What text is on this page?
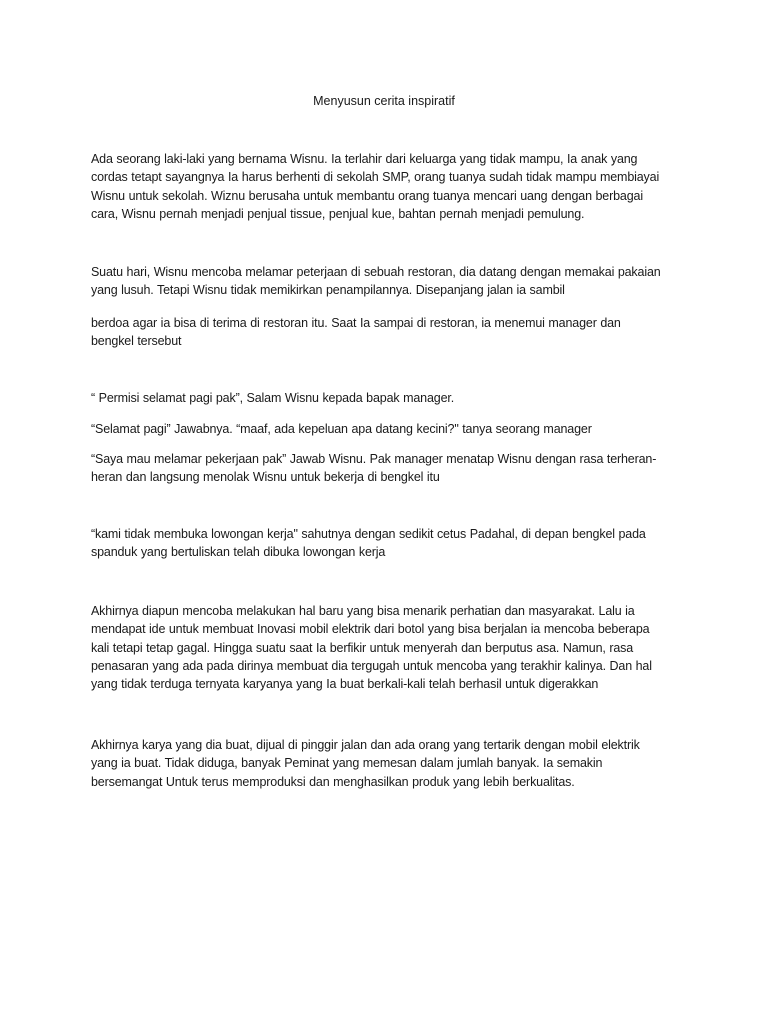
Menyusun cerita inspiratif
Ada seorang laki-laki yang bernama Wisnu. Ia terlahir dari keluarga yang tidak mampu, Ia anak yang
cordas tetapt sayangnya Ia harus berhenti di sekolah SMP, orang tuanya sudah tidak mampu membiayai
Wisnu untuk sekolah. Wiznu berusaha untuk membantu orang tuanya mencari uang dengan berbagai
cara, Wisnu pernah menjadi penjual tissue, penjual kue, bahtan pernah menjadi pemulung.
Suatu hari, Wisnu mencoba melamar peterjaan di sebuah restoran, dia datang dengan memakai pakaian
yang lusuh. Tetapi Wisnu tidak memikirkan penampilannya. Disepanjang jalan ia sambil
berdoa agar ia bisa di terima di restoran itu. Saat Ia sampai di restoran, ia menemui manager dan
bengkel tersebut
“ Permisi selamat pagi pak”, Salam Wisnu kepada bapak manager.
“Selamat pagi” Jawabnya. “maaf, ada kepeluan apa datang kecini?" tanya seorang manager
“Saya mau melamar pekerjaan pak” Jawab Wisnu. Pak manager menatap Wisnu dengan rasa terheran-
heran dan langsung menolak Wisnu untuk bekerja di bengkel itu
“kami tidak membuka lowongan kerja" sahutnya dengan sedikit cetus Padahal, di depan bengkel pada
spanduk yang bertuliskan telah dibuka lowongan kerja
Akhirnya diapun mencoba melakukan hal baru yang bisa menarik perhatian dan masyarakat. Lalu ia
mendapat ide untuk membuat Inovasi mobil elektrik dari botol yang bisa berjalan ia mencoba beberapa
kali tetapi tetap gagal. Hingga suatu saat Ia berfikir untuk menyerah dan berputus asa. Namun, rasa
penasaran yang ada pada dirinya membuat dia tergugah untuk mencoba yang terakhir kalinya. Dan hal
yang tidak terduga ternyata karyanya yang Ia buat berkali-kali telah berhasil untuk digerakkan
Akhirnya karya yang dia buat, dijual di pinggir jalan dan ada orang yang tertarik dengan mobil elektrik
yang ia buat. Tidak diduga, banyak Peminat yang memesan dalam jumlah banyak. Ia semakin
bersemangat Untuk terus memproduksi dan menghasilkan produk yang lebih berkualitas.
